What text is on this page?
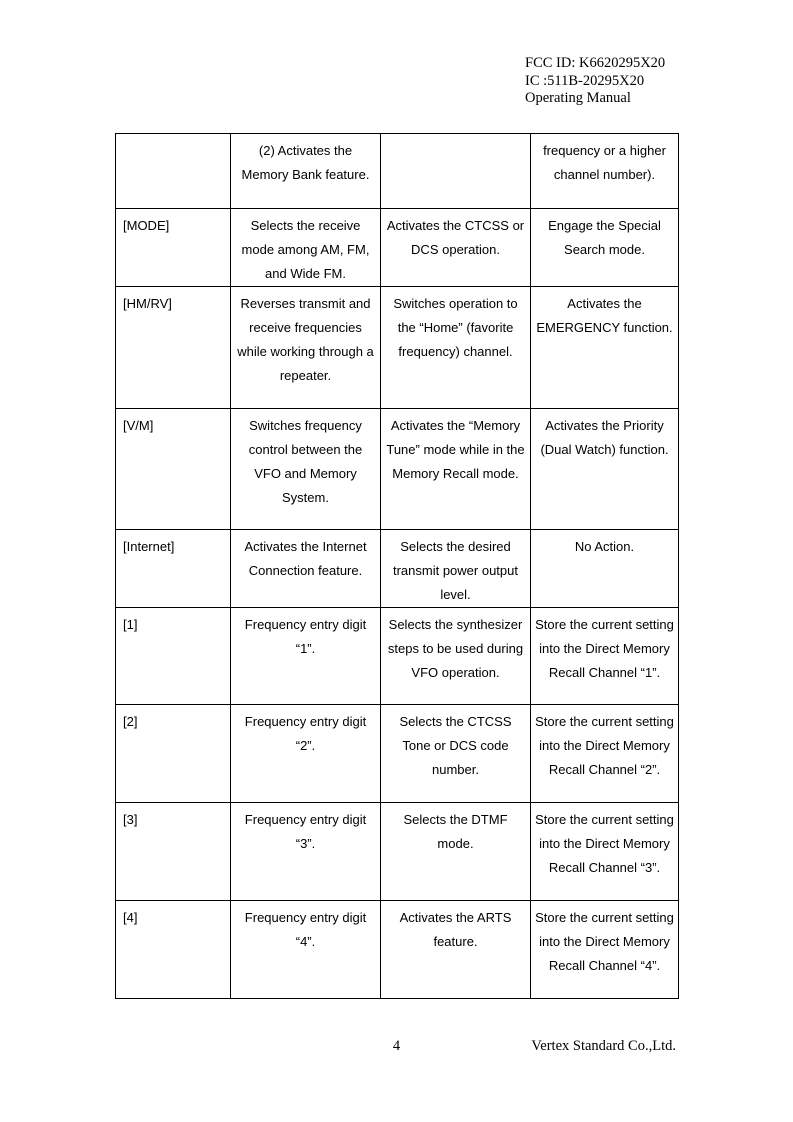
FCC ID: K6620295X20
IC :511B-20295X20
Operating Manual
	(2) Activates the Memory Bank feature.		frequency or a higher channel number).
[MODE]	Selects the receive mode among AM, FM, and Wide FM.	Activates the CTCSS or DCS operation.	Engage the Special Search mode.
[HM/RV]	Reverses transmit and receive frequencies while working through a repeater.	Switches operation to the “Home” (favorite frequency) channel.	Activates the EMERGENCY function.
[V/M]	Switches frequency control between the VFO and Memory System.	Activates the “Memory Tune” mode while in the Memory Recall mode.	Activates the Priority (Dual Watch) function.
[Internet]	Activates the Internet Connection feature.	Selects the desired transmit power output level.	No Action.
[1]	Frequency entry digit “1”.	Selects the synthesizer steps to be used during VFO operation.	Store the current setting into the Direct Memory Recall Channel “1”.
[2]	Frequency entry digit “2”.	Selects the CTCSS Tone or DCS code number.	Store the current setting into the Direct Memory Recall Channel “2”.
[3]	Frequency entry digit “3”.	Selects the DTMF mode.	Store the current setting into the Direct Memory Recall Channel “3”.
[4]	Frequency entry digit “4”.	Activates the ARTS feature.	Store the current setting into the Direct Memory Recall Channel “4”.
4	Vertex Standard Co.,Ltd.
